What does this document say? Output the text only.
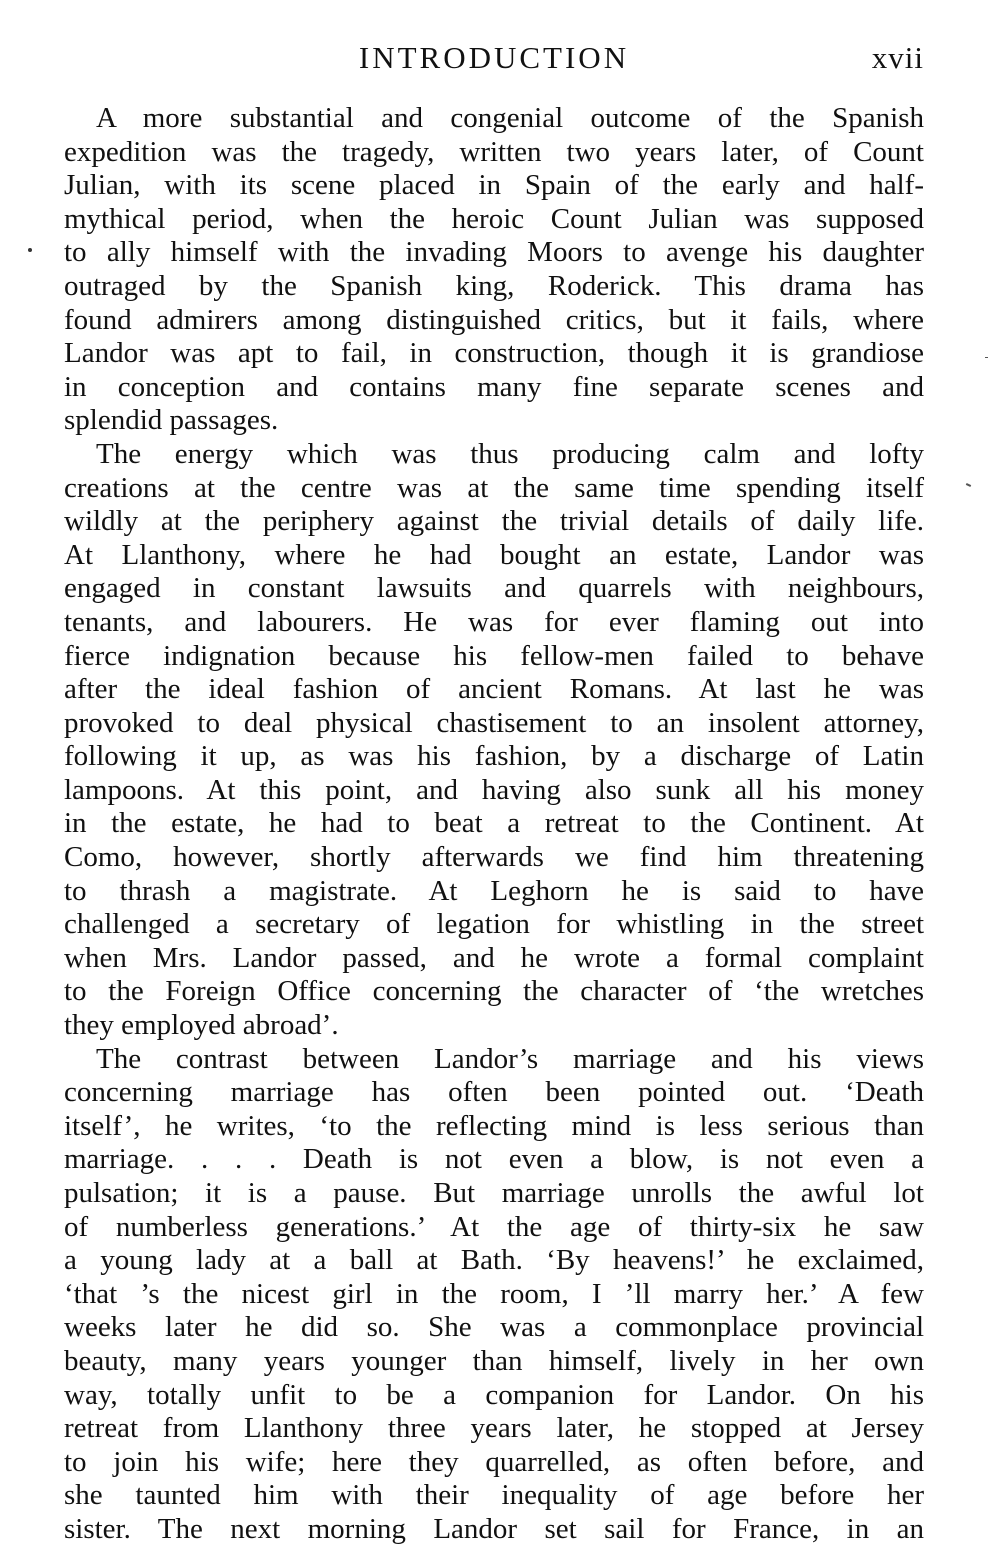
INTRODUCTION	xvii
A more substantial and congenial outcome of the Spanish
expedition was the tragedy, written two years later, of Count
Julian, with its scene placed in Spain of the early and half-
mythical period, when the heroic Count Julian was supposed
to ally himself with the invading Moors to avenge his daughter
outraged by the Spanish king, Roderick. This drama has
found admirers among distinguished critics, but it fails, where
Landor was apt to fail, in construction, though it is grandiose
in conception and contains many fine separate scenes and
splendid passages.
The energy which was thus producing calm and lofty
creations at the centre was at the same time spending itself
wildly at the periphery against the trivial details of daily life.
At Llanthony, where he had bought an estate, Landor was
engaged in constant lawsuits and quarrels with neighbours,
tenants, and labourers. He was for ever flaming out into
fierce indignation because his fellow-men failed to behave
after the ideal fashion of ancient Romans. At last he was
provoked to deal physical chastisement to an insolent attorney,
following it up, as was his fashion, by a discharge of Latin
lampoons. At this point, and having also sunk all his money
in the estate, he had to beat a retreat to the Continent. At
Como, however, shortly afterwards we find him threatening
to thrash a magistrate. At Leghorn he is said to have
challenged a secretary of legation for whistling in the street
when Mrs. Landor passed, and he wrote a formal complaint
to the Foreign Office concerning the character of ‘the wretches
they employed abroad’.
The contrast between Landor’s marriage and his views
concerning marriage has often been pointed out. ‘Death
itself’, he writes, ‘to the reflecting mind is less serious than
marriage. . . . Death is not even a blow, is not even a
pulsation; it is a pause. But marriage unrolls the awful lot
of numberless generations.’ At the age of thirty-six he saw
a young lady at a ball at Bath. ‘By heavens!’ he exclaimed,
‘that ’s the nicest girl in the room, I ’ll marry her.’ A few
weeks later he did so. She was a commonplace provincial
beauty, many years younger than himself, lively in her own
way, totally unfit to be a companion for Landor. On his
retreat from Llanthony three years later, he stopped at Jersey
to join his wife; here they quarrelled, as often before, and
she taunted him with their inequality of age before her
sister. The next morning Landor set sail for France, in an
